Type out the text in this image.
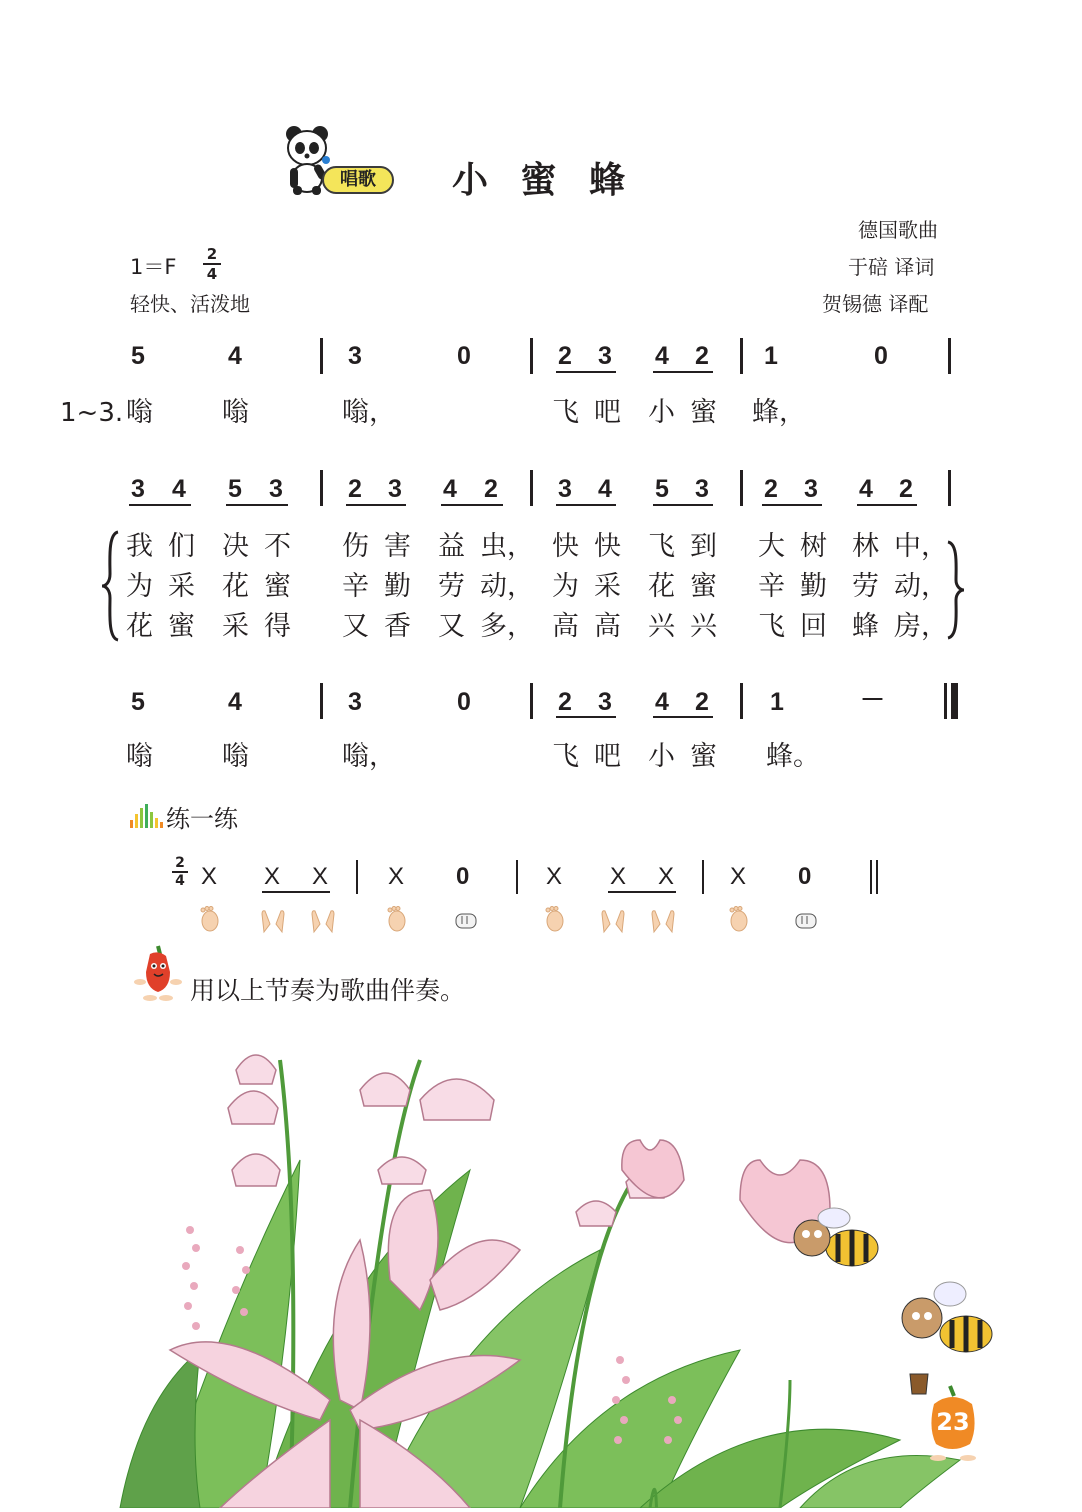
唱歌	小 蜜 蜂
德国歌曲
于碚 译词
贺锡德 译配
1＝F
2
4
轻快、活泼地
5	4	3	0	2 3 4 2 1	0
1~3. 嗡	嗡	嗡，	飞 吧 小 蜜 蜂，
3 4 5 3	2 3 4 2 3 4 5 3 2 3 4 2
我 们 决 不 伤 害 益 虫， 快 快 飞 到 大 树 林 中，
为 采 花 蜜 辛 勤 劳 动， 为 采 花 蜜 辛 勤 劳 动，
花 蜜 采 得 又 香 又 多， 高 高 兴 兴 飞 回 蜂 房，
5	4	3	0	2 3 4 2 1	－
嗡	嗡	嗡，	飞 吧 小 蜜 蜂。
练一练
2
4 X X X X 0	X X X X 0
用以上节奏为歌曲伴奏。
23
